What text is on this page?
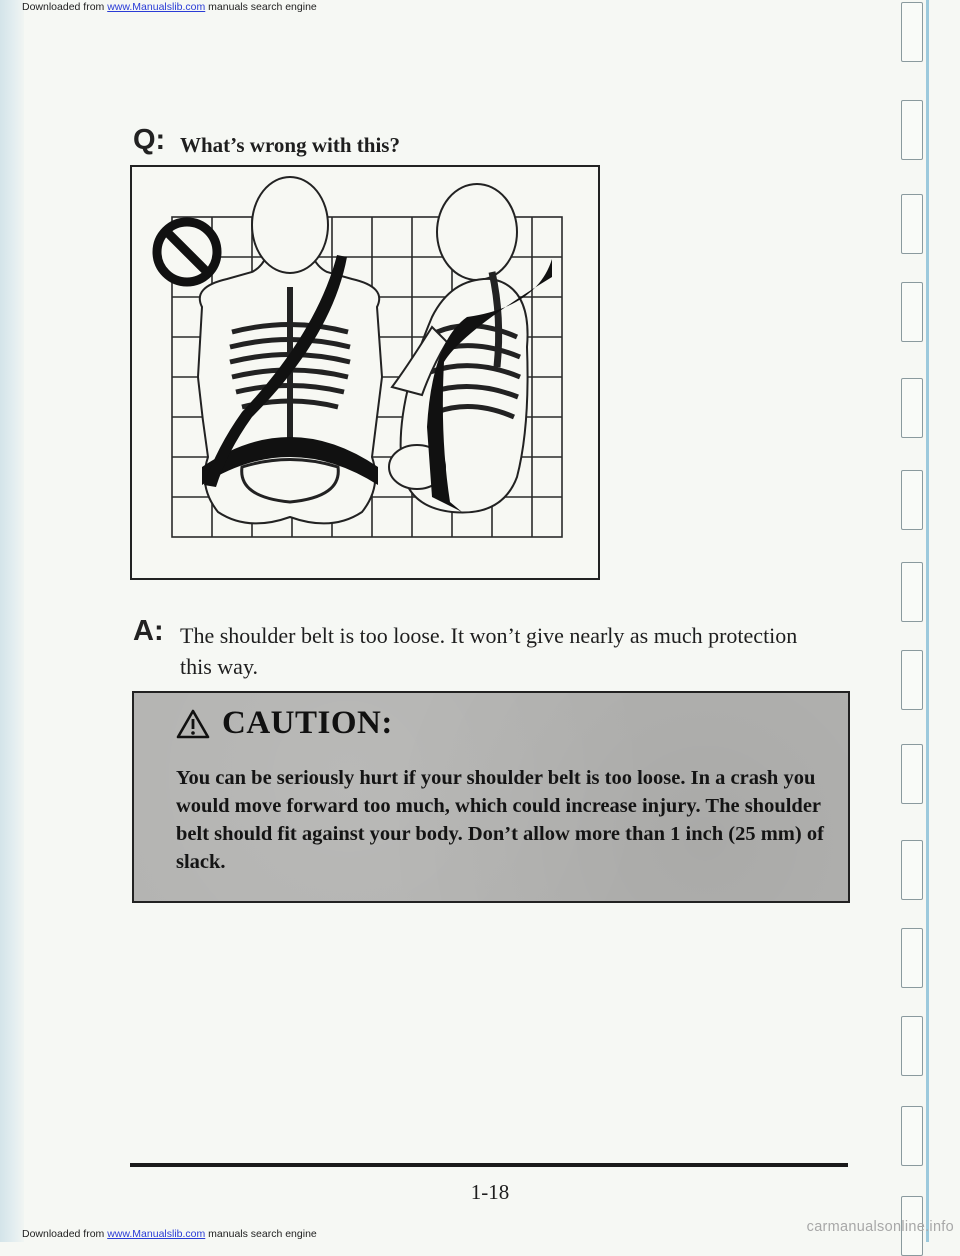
Downloaded from www.Manualslib.com manuals search engine
Q: What’s wrong with this?
A: The shoulder belt is too loose. It won’t give nearly as much protection this way.
CAUTION:
You can be seriously hurt if your shoulder belt is too loose. In a crash you would move forward too much, which could increase injury. The shoulder belt should fit against your body. Don’t allow more than 1 inch (25 mm) of slack.
1-18
Downloaded from www.Manualslib.com manuals search engine	carmanualsonline.info
